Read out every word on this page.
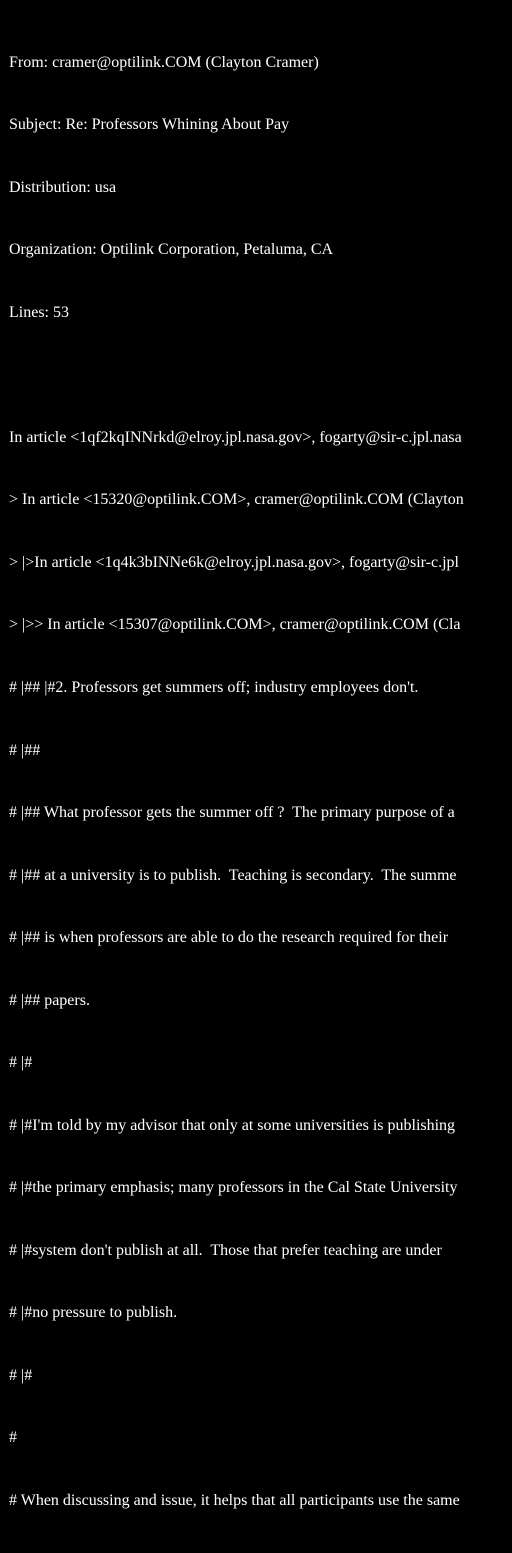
From: cramer@optilink.COM (Clayton Cramer)

Subject: Re: Professors Whining About Pay

Distribution: usa

Organization: Optilink Corporation, Petaluma, CA

Lines: 53

In article <1qf2kqINNrkd@elroy.jpl.nasa.gov>, fogarty@sir-c.jpl.nasa

> In article <15320@optilink.COM>, cramer@optilink.COM (Clayton

> |>In article <1q4k3bINNe6k@elroy.jpl.nasa.gov>, fogarty@sir-c.jpl

> |>> In article <15307@optilink.COM>, cramer@optilink.COM (Cla

# |## |#2. Professors get summers off; industry employees don't.

# |##

# |## What professor gets the summer off ?  The primary purpose of a

# |## at a university is to publish.  Teaching is secondary.  The summe

# |## is when professors are able to do the research required for their

# |## papers.

# |#

# |#I'm told by my advisor that only at some universities is publishing

# |#the primary emphasis; many professors in the Cal State University

# |#system don't publish at all.  Those that prefer teaching are under

# |#no pressure to publish.

# |#

#

# When discussing and issue, it helps that all participants use the same
